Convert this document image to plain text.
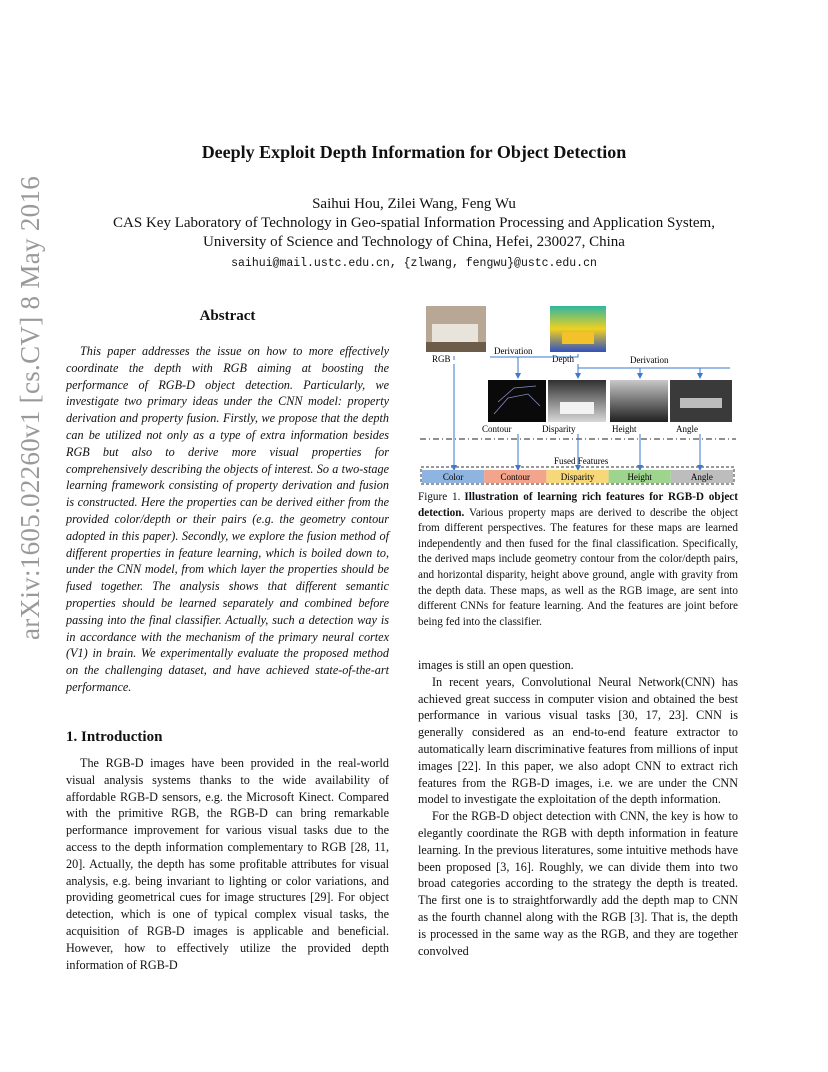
Deeply Exploit Depth Information for Object Detection
Saihui Hou, Zilei Wang, Feng Wu
CAS Key Laboratory of Technology in Geo-spatial Information Processing and Application System,
University of Science and Technology of China, Hefei, 230027, China
saihui@mail.ustc.edu.cn, {zlwang, fengwu}@ustc.edu.cn
arXiv:1605.02260v1 [cs.CV] 8 May 2016	Abstract
This paper addresses the issue on how to more effectively coordinate the depth with RGB aiming at boosting the performance of RGB-D object detection. Particularly, we investigate two primary ideas under the CNN model: property derivation and property fusion. Firstly, we propose that the depth can be utilized not only as a type of extra information besides RGB but also to derive more visual properties for comprehensively describing the objects of interest. So a two-stage learning framework consisting of property derivation and fusion is constructed. Here the properties can be derived either from the provided color/depth or their pairs (e.g. the geometry contour adopted in this paper). Secondly, we explore the fusion method of different properties in feature learning, which is boiled down to, under the CNN model, from which layer the properties should be fused together. The analysis shows that different semantic properties should be learned separately and combined before passing into the final classifier. Actually, such a detection way is in accordance with the mechanism of the primary neural cortex (V1) in brain. We experimentally evaluate the proposed method on the challenging dataset, and have achieved state-of-the-art performance.
1. Introduction
The RGB-D images have been provided in the real-world visual analysis systems thanks to the wide availability of affordable RGB-D sensors, e.g. the Microsoft Kinect. Compared with the primitive RGB, the RGB-D can bring remarkable performance improvement for various visual tasks due to the access to the depth information complementary to RGB [28, 11, 20]. Actually, the depth has some profitable attributes for visual analysis, e.g. being invariant to lighting or color variations, and providing geometrical cues for image structures [29]. For object detection, which is one of typical complex visual tasks, the acquisition of RGB-D images is applicable and beneficial. However, how to effectively utilize the provided depth information of RGB-D
RGB	Depth
Derivation
Derivation
Contour	Disparity	Height	Angle
Fused Features
Color	Contour	Disparity	Height	Angle
Figure 1. Illustration of learning rich features for RGB-D object detection. Various property maps are derived to describe the object from different perspectives. The features for these maps are learned independently and then fused for the final classification. Specifically, the derived maps include geometry contour from the color/depth pairs, and horizontal disparity, height above ground, angle with gravity from the depth data. These maps, as well as the RGB image, are sent into different CNNs for feature learning. And the features are joint before being fed into the classifier.

images is still an open question.

In recent years, Convolutional Neural Network(CNN) has achieved great success in computer vision and obtained the best performance in various visual tasks [30, 17, 23]. CNN is generally considered as an end-to-end feature extractor to automatically learn discriminative features from millions of input images [22]. In this paper, we also adopt CNN to extract rich features from the RGB-D images, i.e. we are under the CNN model to investigate the exploitation of the depth information.

For the RGB-D object detection with CNN, the key is how to elegantly coordinate the RGB with depth information in feature learning. In the previous literatures, some intuitive methods have been proposed [3, 16]. Roughly, we can divide them into two broad categories according to the strategy the depth is treated. The first one is to straightforwardly add the depth map to CNN as the fourth channel along with the RGB [3]. That is, the depth is processed in the same way as the RGB, and they are together convolved
